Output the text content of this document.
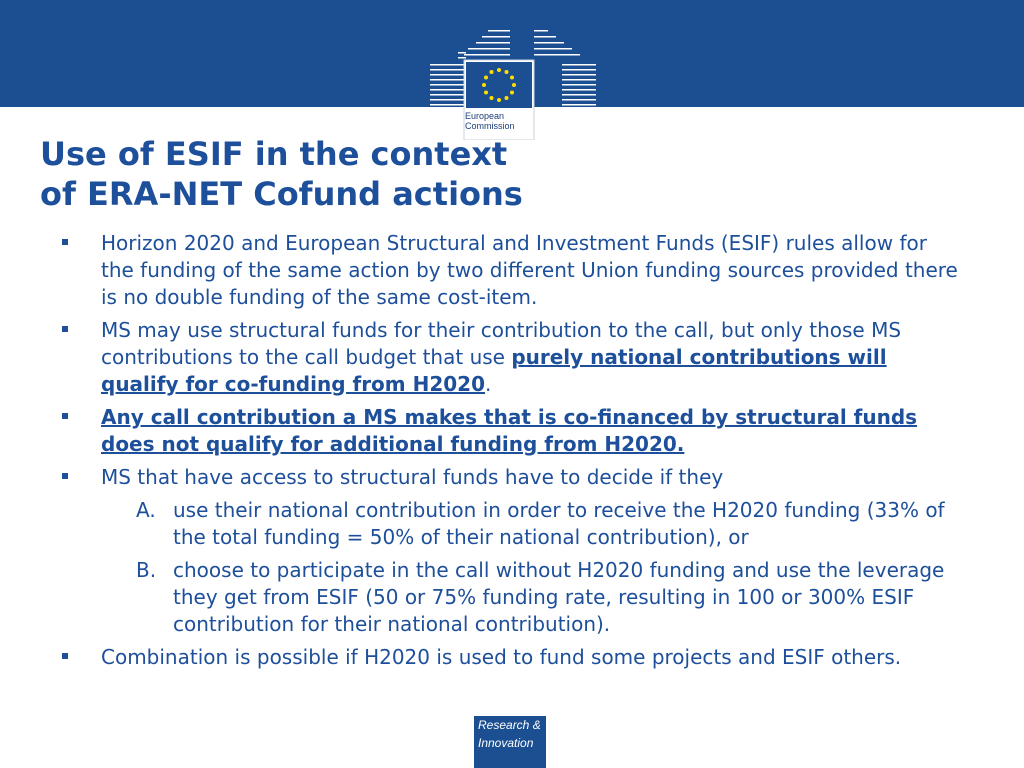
European
Commission
Use of ESIF in the context
of ERA-NET Cofund actions
Horizon 2020 and European Structural and Investment Funds (ESIF) rules allow for the funding of the same action by two different Union funding sources provided there is no double funding of the same cost-item.
MS may use structural funds for their contribution to the call, but only those MS contributions to the call budget that use purely national contributions will qualify for co-funding from H2020.
Any call contribution a MS makes that is co-financed by structural funds does not qualify for additional funding from H2020.
MS that have access to structural funds have to decide if they
A. use their national contribution in order to receive the H2020 funding (33% of the total funding = 50% of their national contribution), or
B. choose to participate in the call without H2020 funding and use the leverage they get from ESIF (50 or 75% funding rate, resulting in 100 or 300% ESIF contribution for their national contribution).
Combination is possible if H2020 is used to fund some projects and ESIF others.
Research &
Innovation
